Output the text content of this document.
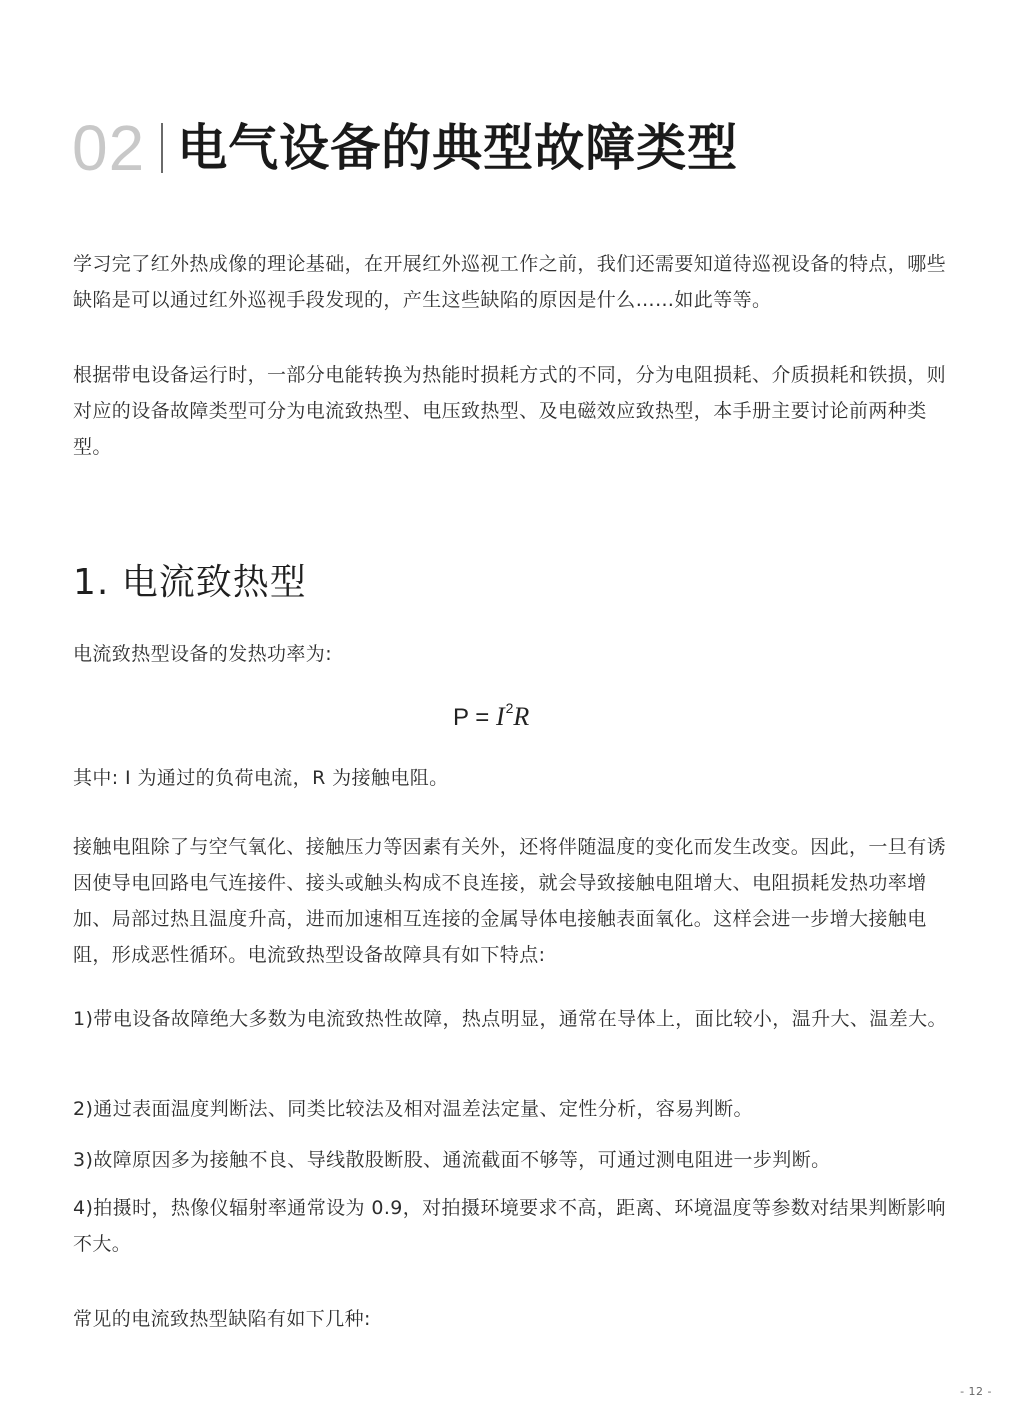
02 电气设备的典型故障类型

学习完了红外热成像的理论基础，在开展红外巡视工作之前，我们还需要知道待巡视设备的特点，哪些缺陷是可以通过红外巡视手段发现的，产生这些缺陷的原因是什么……如此等等。

根据带电设备运行时，一部分电能转换为热能时损耗方式的不同，分为电阻损耗、介质损耗和铁损，则对应的设备故障类型可分为电流致热型、电压致热型、及电磁效应致热型，本手册主要讨论前两种类型。

1. 电流致热型

电流致热型设备的发热功率为:

$P = I^2R$

其中: I 为通过的负荷电流，R 为接触电阻。

接触电阻除了与空气氧化、接触压力等因素有关外，还将伴随温度的变化而发生改变。因此，一旦有诱因使导电回路电气连接件、接头或触头构成不良连接，就会导致接触电阻增大、电阻损耗发热功率增加、局部过热且温度升高，进而加速相互连接的金属导体电接触表面氧化。这样会进一步增大接触电阻，形成恶性循环。电流致热型设备故障具有如下特点:

1)带电设备故障绝大多数为电流致热性故障，热点明显，通常在导体上，面比较小，温升大、温差大。

2)通过表面温度判断法、同类比较法及相对温差法定量、定性分析，容易判断。

3)故障原因多为接触不良、导线散股断股、通流截面不够等，可通过测电阻进一步判断。

4)拍摄时，热像仪辐射率通常设为 0.9，对拍摄环境要求不高，距离、环境温度等参数对结果判断影响不大。

常见的电流致热型缺陷有如下几种:

- 12 -
